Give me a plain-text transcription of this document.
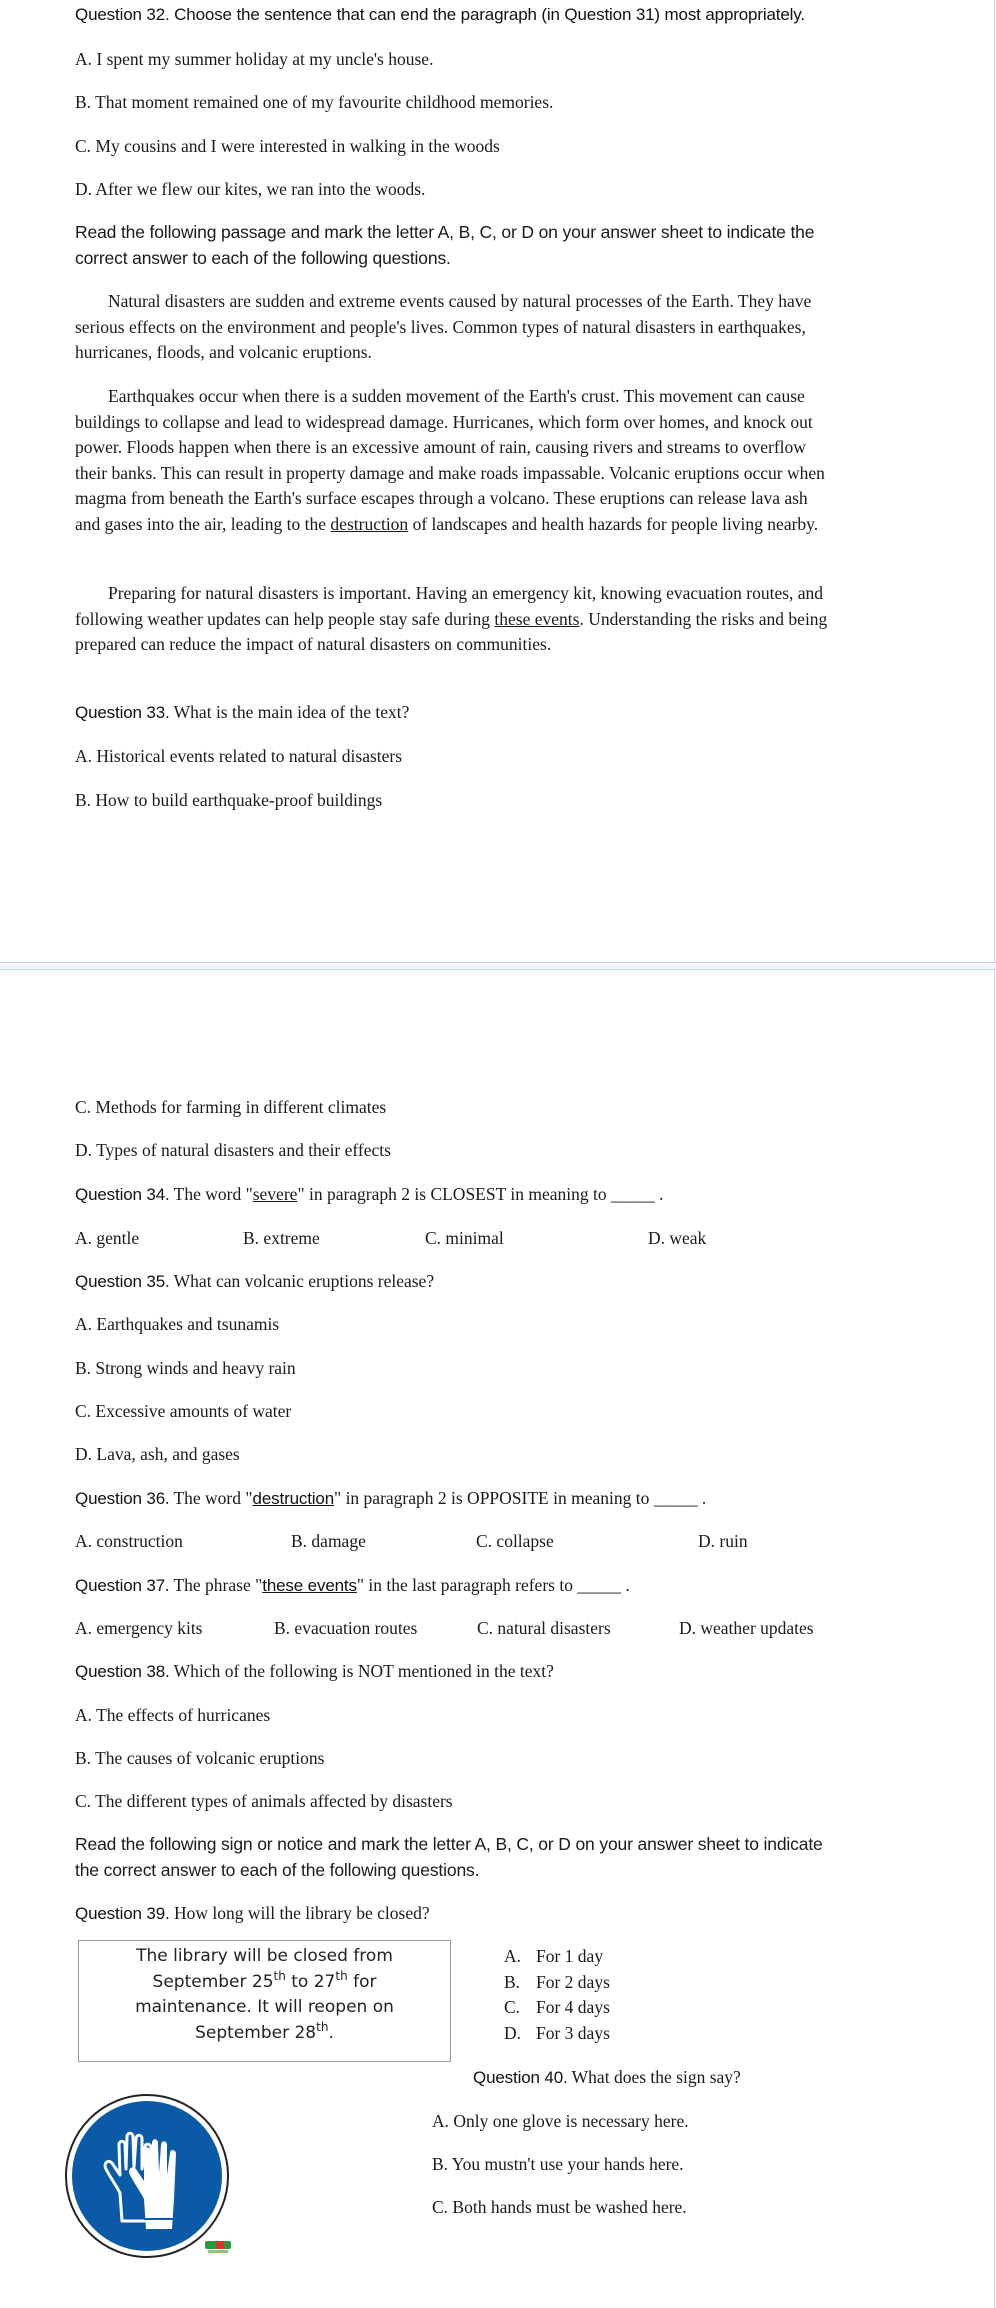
Question 32. Choose the sentence that can end the paragraph (in Question 31) most appropriately.
A. I spent my summer holiday at my uncle's house.
B. That moment remained one of my favourite childhood memories.
C. My cousins and I were interested in walking in the woods
D. After we flew our kites, we ran into the woods.
Read the following passage and mark the letter A, B, C, or D on your answer sheet to indicate the correct answer to each of the following questions.

Natural disasters are sudden and extreme events caused by natural processes of the Earth. They have serious effects on the environment and people's lives. Common types of natural disasters in earthquakes, hurricanes, floods, and volcanic eruptions.

Earthquakes occur when there is a sudden movement of the Earth's crust. This movement can cause buildings to collapse and lead to widespread damage. Hurricanes, which form over homes, and knock out power. Floods happen when there is an excessive amount of rain, causing rivers and streams to overflow their banks. This can result in property damage and make roads impassable. Volcanic eruptions occur when magma from beneath the Earth's surface escapes through a volcano. These eruptions can release lava ash and gases into the air, leading to the destruction of landscapes and health hazards for people living nearby.

Preparing for natural disasters is important. Having an emergency kit, knowing evacuation routes, and following weather updates can help people stay safe during these events. Understanding the risks and being prepared can reduce the impact of natural disasters on communities.

Question 33. What is the main idea of the text?
A. Historical events related to natural disasters
B. How to build earthquake-proof buildings
C. Methods for farming in different climates
D. Types of natural disasters and their effects
Question 34. The word "severe" in paragraph 2 is CLOSEST in meaning to _____ .
A. gentle	B. extreme	C. minimal	D. weak
Question 35. What can volcanic eruptions release?
A. Earthquakes and tsunamis
B. Strong winds and heavy rain
C. Excessive amounts of water
D. Lava, ash, and gases
Question 36. The word "destruction" in paragraph 2 is OPPOSITE in meaning to _____ .
A. construction	B. damage	C. collapse	D. ruin
Question 37. The phrase "these events" in the last paragraph refers to _____ .
A. emergency kits	B. evacuation routes	C. natural disasters	D. weather updates
Question 38. Which of the following is NOT mentioned in the text?
A. The effects of hurricanes
B. The causes of volcanic eruptions
C. The different types of animals affected by disasters
Read the following sign or notice and mark the letter A, B, C, or D on your answer sheet to indicate the correct answer to each of the following questions.
Question 39. How long will the library be closed?
The library will be closed from
September 25th to 27th for
maintenance. It will reopen on
September 28th.
A. For 1 day
B. For 2 days
C. For 4 days
D. For 3 days
Question 40. What does the sign say?
A. Only one glove is necessary here.
B. You mustn't use your hands here.
C. Both hands must be washed here.
